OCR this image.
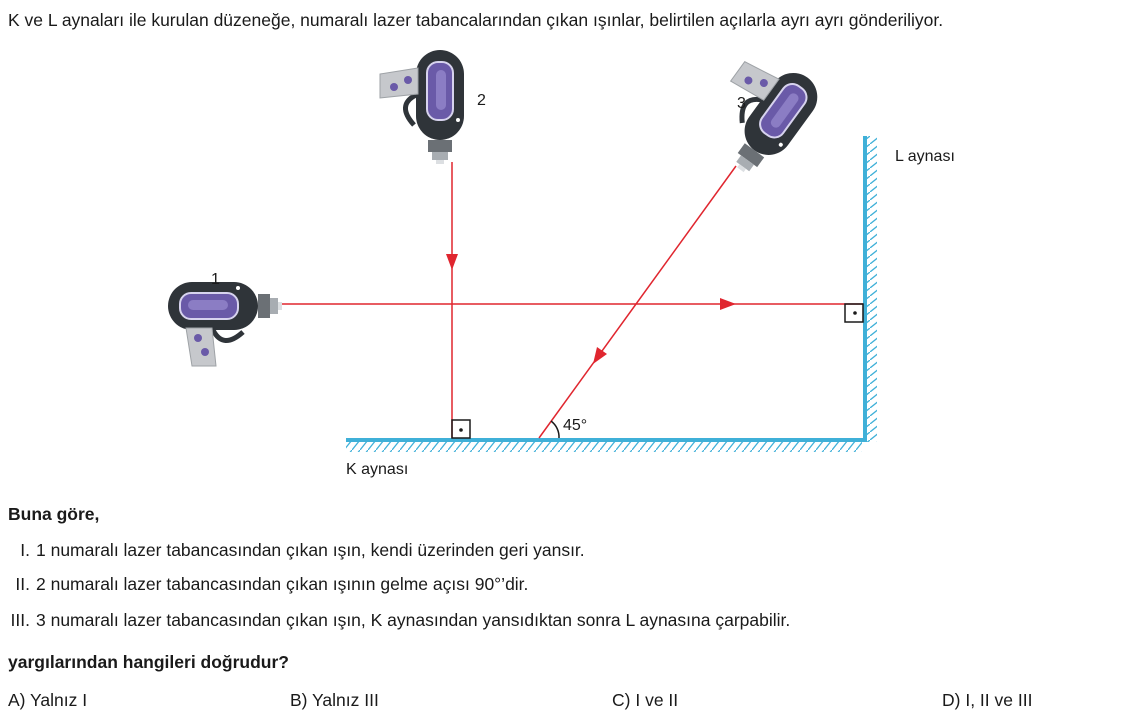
K ve L aynaları ile kurulan düzeneğe, numaralı lazer tabancalarından çıkan ışınlar, belirtilen açılarla ayrı ayrı gönderiliyor.
45°
K aynası
L aynası
1
2	3
Buna göre,
I. 1 numaralı lazer tabancasından çıkan ışın, kendi üzerinden geri yansır.
II. 2 numaralı lazer tabancasından çıkan ışının gelme açısı 90°’dir.
III. 3 numaralı lazer tabancasından çıkan ışın, K aynasından yansıdıktan sonra L aynasına çarpabilir.
yargılarından hangileri doğrudur?
A) Yalnız I	B) Yalnız III	C) I ve II	D) I, II ve III
